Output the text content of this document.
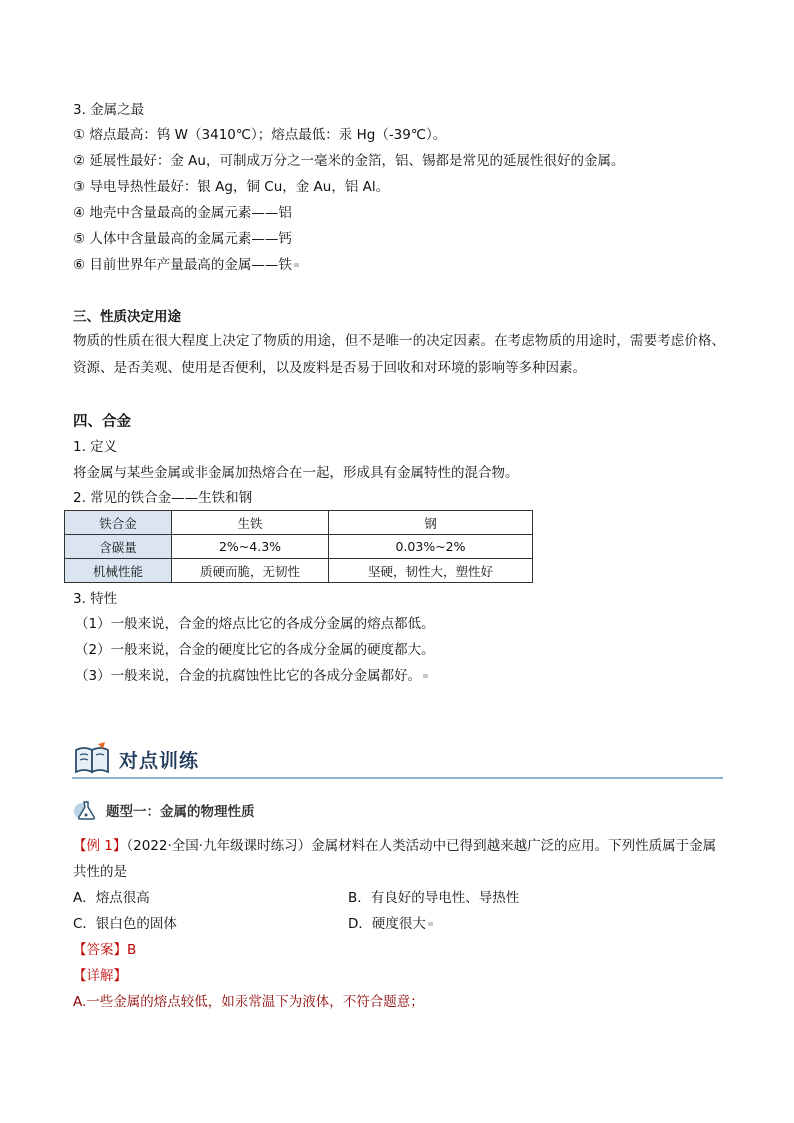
3. 金属之最
① 熔点最高：钨 W（3410℃）；熔点最低：汞 Hg（-39℃）。
② 延展性最好：金 Au，可制成万分之一毫米的金箔，铝、锡都是常见的延展性很好的金属。
③ 导电导热性最好：银 Ag，铜 Cu，金 Au，铝 Al。
④ 地壳中含量最高的金属元素——铝
⑤ 人体中含量最高的金属元素——钙
⑥ 目前世界年产量最高的金属——铁
三、性质决定用途
物质的性质在很大程度上决定了物质的用途，但不是唯一的决定因素。在考虑物质的用途时，需要考虑价格、资源、是否美观、使用是否便利，以及废料是否易于回收和对环境的影响等多种因素。
四、合金
1. 定义
将金属与某些金属或非金属加热熔合在一起，形成具有金属特性的混合物。
2. 常见的铁合金——生铁和钢
铁合金	生铁	钢
含碳量	2%~4.3%	0.03%~2%
机械性能	质硬而脆，无韧性	坚硬，韧性大，塑性好
3. 特性
（1）一般来说，合金的熔点比它的各成分金属的熔点都低。
（2）一般来说，合金的硬度比它的各成分金属的硬度都大。
（3）一般来说，合金的抗腐蚀性比它的各成分金属都好。
对点训练
题型一：金属的物理性质
【例 1】（2022·全国·九年级课时练习）金属材料在人类活动中已得到越来越广泛的应用。下列性质属于金属
共性的是
A．熔点很高	B．有良好的导电性、导热性
C．银白色的固体	D．硬度很大
【答案】B
【详解】
A.一些金属的熔点较低，如汞常温下为液体，不符合题意；
